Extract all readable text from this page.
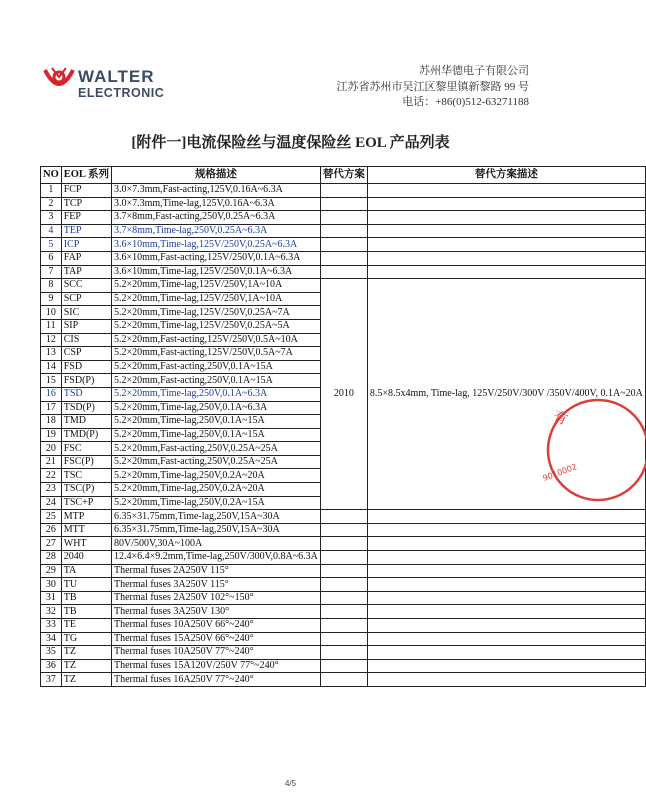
WALTER
ELECTRONIC
苏州华德电子有限公司
江苏省苏州市吴江区黎里镇新黎路 99 号
电话：+86(0)512-63271188
[附件一]电流保险丝与温度保险丝 EOL 产品列表
NO	EOL 系列	规格描述	替代方案	替代方案描述
1	FCP	3.0×7.3mm,Fast-acting,125V,0.16A~6.3A		
2	TCP	3.0×7.3mm,Time-lag,125V,0.16A~6.3A		
3	FEP	3.7×8mm,Fast-acting,250V,0.25A~6.3A		
4	TEP	3.7×8mm,Time-lag,250V,0.25A~6.3A		
5	ICP	3.6×10mm,Time-lag,125V/250V,0.25A~6.3A		
6	FAP	3.6×10mm,Fast-acting,125V/250V,0.1A~6.3A		
7	TAP	3.6×10mm,Time-lag,125V/250V,0.1A~6.3A		
8	SCC	5.2×20mm,Time-lag,125V/250V,1A~10A	2010	8.5×8.5x4mm, Time-lag, 125V/250V/300V /350V/400V, 0.1A~20A
9	SCP	5.2×20mm,Time-lag,125V/250V,1A~10A		
10	SIC	5.2×20mm,Time-lag,125V/250V,0.25A~7A		
11	SIP	5.2×20mm,Time-lag,125V/250V,0.25A~5A		
12	CIS	5.2×20mm,Fast-acting,125V/250V,0.5A~10A		
13	CSP	5.2×20mm,Fast-acting,125V/250V,0.5A~7A		
14	FSD	5.2×20mm,Fast-acting,250V,0.1A~15A		
15	FSD(P)	5.2×20mm,Fast-acting,250V,0.1A~15A		
16	TSD	5.2×20mm,Time-lag,250V,0.1A~6.3A		
17	TSD(P)	5.2×20mm,Time-lag,250V,0.1A~6.3A		
18	TMD	5.2×20mm,Time-lag,250V,0.1A~15A		
19	TMD(P)	5.2×20mm,Time-lag,250V,0.1A~15A		
20	FSC	5.2×20mm,Fast-acting,250V,0.25A~25A		
21	FSC(P)	5.2×20mm,Fast-acting,250V,0.25A~25A		
22	TSC	5.2×20mm,Time-lag,250V,0.2A~20A		
23	TSC(P)	5.2×20mm,Time-lag,250V,0.2A~20A		
24	TSC+P	5.2×20mm,Time-lag,250V,0.2A~15A		
25	MTP	6.35×31.75mm,Time-lag,250V,15A~30A		
26	MTT	6.35×31.75mm,Time-lag,250V,15A~30A		
27	WHT	80V/500V,30A~100A		
28	2040	12.4×6.4×9.2mm,Time-lag,250V/300V,0.8A~6.3A		
29	TA	Thermal fuses 2A250V 115°		
30	TU	Thermal fuses 3A250V 115°		
31	TB	Thermal fuses 2A250V 102°~150°		
32	TB	Thermal fuses 3A250V 130°		
33	TE	Thermal fuses 10A250V 66°~240°		
34	TG	Thermal fuses 15A250V 66°~240°		
35	TZ	Thermal fuses 10A250V 77°~240°		
36	TZ	Thermal fuses 15A120V/250V 77°~240°		
37	TZ	Thermal fuses 16A250V 77°~240°		
有
9010002
4/5
